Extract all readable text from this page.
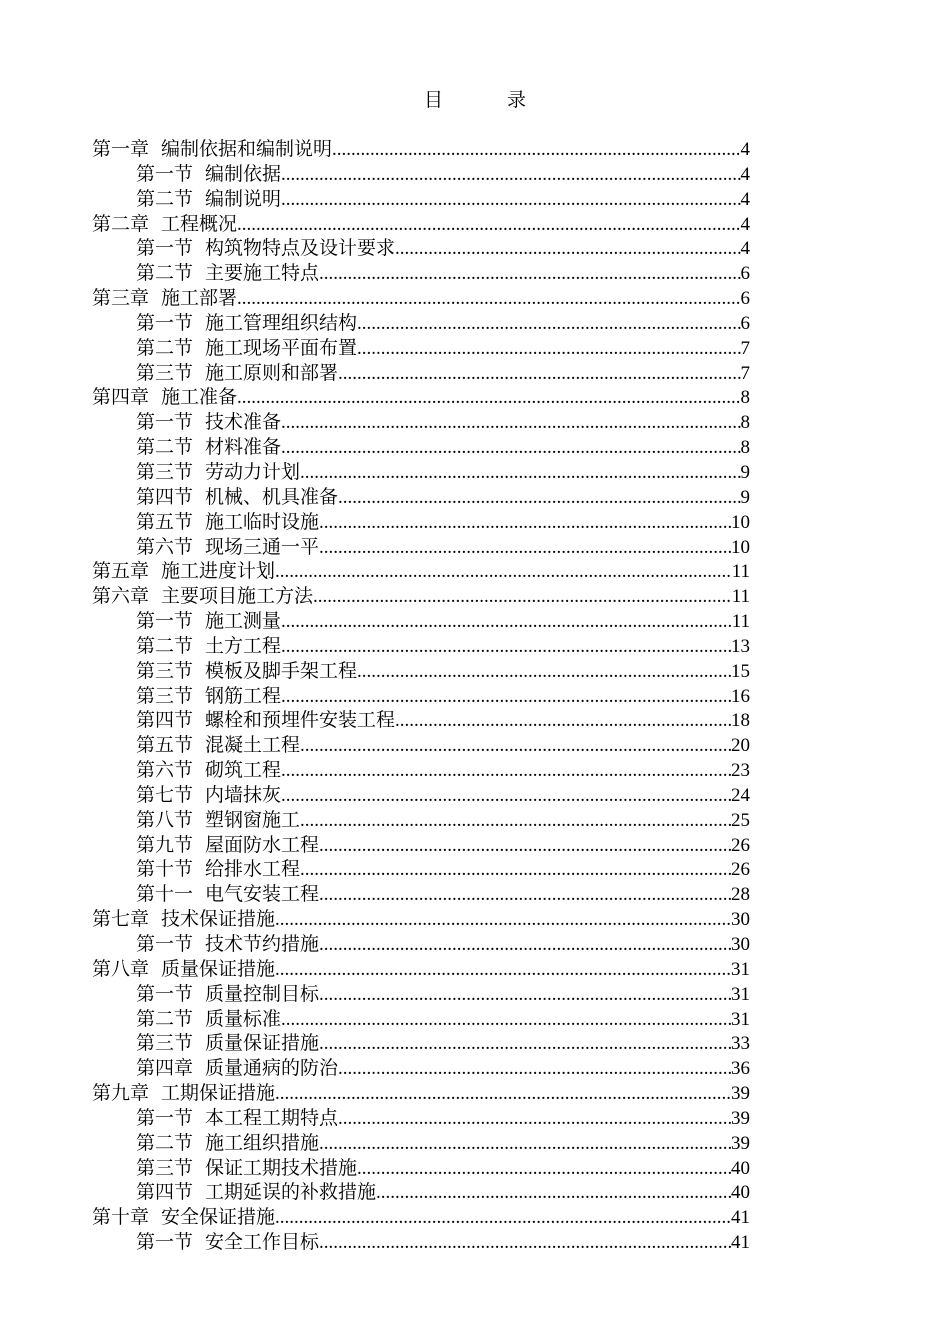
目	录
第一章 编制依据和编制说明 .....	4
第一节 编制依据 .....	4
第二节 编制说明 .....	4
第二章 工程概况 .....	4
第一节 构筑物特点及设计要求 .....	4
第二节 主要施工特点 .....	6
第三章 施工部署 .....	6
第一节 施工管理组织结构 .....	6
第二节 施工现场平面布置 .....	7
第三节 施工原则和部署 .....	7
第四章 施工准备 .....	8
第一节 技术准备 .....	8
第二节 材料准备 .....	8
第三节 劳动力计划 .....	9
第四节 机械、机具准备 .....	9
第五节 施工临时设施 .....	10
第六节 现场三通一平 .....	10
第五章 施工进度计划 .....	11
第六章 主要项目施工方法 .....	11
第一节 施工测量 .....	11
第二节 土方工程 .....	13
第三节 模板及脚手架工程 .....	15
第三节 钢筋工程 .....	16
第四节 螺栓和预埋件安装工程 .....	18
第五节 混凝土工程 .....	20
第六节 砌筑工程 .....	23
第七节 内墙抹灰 .....	24
第八节 塑钢窗施工 .....	25
第九节 屋面防水工程 .....	26
第十节 给排水工程 .....	26
第十一 电气安装工程 .....	28
第七章 技术保证措施 .....	30
第一节 技术节约措施 .....	30
第八章 质量保证措施 .....	31
第一节 质量控制目标 .....	31
第二节 质量标准 .....	31
第三节 质量保证措施 .....	33
第四章 质量通病的防治 .....	36
第九章 工期保证措施 .....	39
第一节 本工程工期特点 .....	39
第二节 施工组织措施 .....	39
第三节 保证工期技术措施 .....	40
第四节 工期延误的补救措施 .....	40
第十章 安全保证措施 .....	41
第一节 安全工作目标 .....	41
